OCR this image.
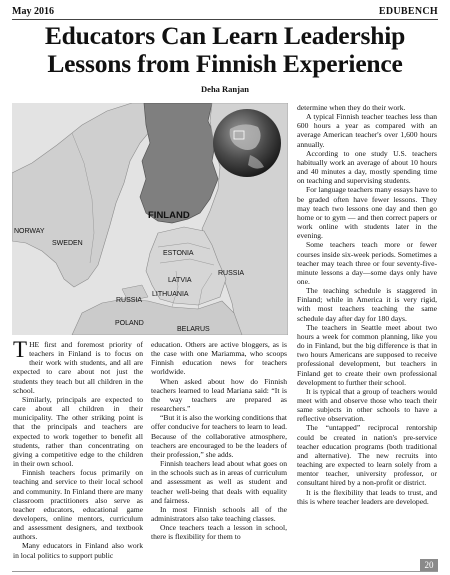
May 2016	EDUBENCH
Educators Can Learn Leadership
Lessons from Finnish Experience
Deha Ranjan
FINLAND
NORWAY
SWEDEN
ESTONIA
RUSSIA
LATVIA
LITHUANIA
RUSSIA
POLAND
BELARUS

THE first and foremost priority of teachers in Finland is to focus on their work with students, and all are expected to care about not just the students they teach but all children in the school.

Similarly, principals are expected to care about all children in their municipality. The other striking point is that the principals and teachers are expected to work together to benefit all students, rather than concentrating on giving a competitive edge to the children in their own school.

Finnish teachers focus primarily on teaching and service to their local school and community. In Finland there are many classroom practitioners also serve as teacher educators, educational game developers, online mentors, curriculum and assessment designers, and textbook authors.

Many educators in Finland also work in local politics to support public

education. Others are active bloggers, as is the case with one Mariamma, who scoops Finnish education news for teachers worldwide.

When asked about how do Finnish teachers learned to lead Mariana said: “It is the way teachers are prepared as researchers.”

“But it is also the working conditions that offer conducive for teachers to learn to lead. Because of the collaborative atmosphere, teachers are encouraged to be the leaders of their profession,” she adds.

Finnish teachers lead about what goes on in the schools such as in areas of curriculum and assessment as well as student and teacher well-being that deals with equality and fairness.

In most Finnish schools all of the administrators also take teaching classes.

Once teachers teach a lesson in school, there is flexibility for them to

determine when they do their work.

A typical Finnish teacher teaches less than 600 hours a year as compared with an average American teacher's over 1,600 hours annually.

According to one study U.S. teachers habitually work an average of about 10 hours and 40 minutes a day, mostly spending time on teaching and supervising students.

For language teachers many essays have to be graded often have fewer lessons. They may teach two lessons one day and then go home or to gym — and then correct papers or work online with students later in the evening.

Some teachers teach more or fewer courses inside six-week periods. Sometimes a teacher may teach three or four seventy-five-minute lessons a day—some days only have one.

The teaching schedule is staggered in Finland; while in America it is very rigid, with most teachers teaching the same schedule day after day for 180 days.

The teachers in Seattle meet about two hours a week for common planning, like you do in Finland, but the big difference is that in two hours Americans are supposed to receive professional development, but teachers in Finland get to create their own professional development to further their school.

It is typical that a group of teachers would meet with and observe those who teach their same subjects in other schools to have a reflective observation.

The “untapped” reciprocal rentorship could be created in nation's pre-service teacher education programs (both traditional and alternative). The new recruits into teaching are expected to learn solely from a mentor teacher, university professor, or consultant hired by a non-profit or district.

It is the flexibility that leads to trust, and this is where teacher leaders are developed.

20
